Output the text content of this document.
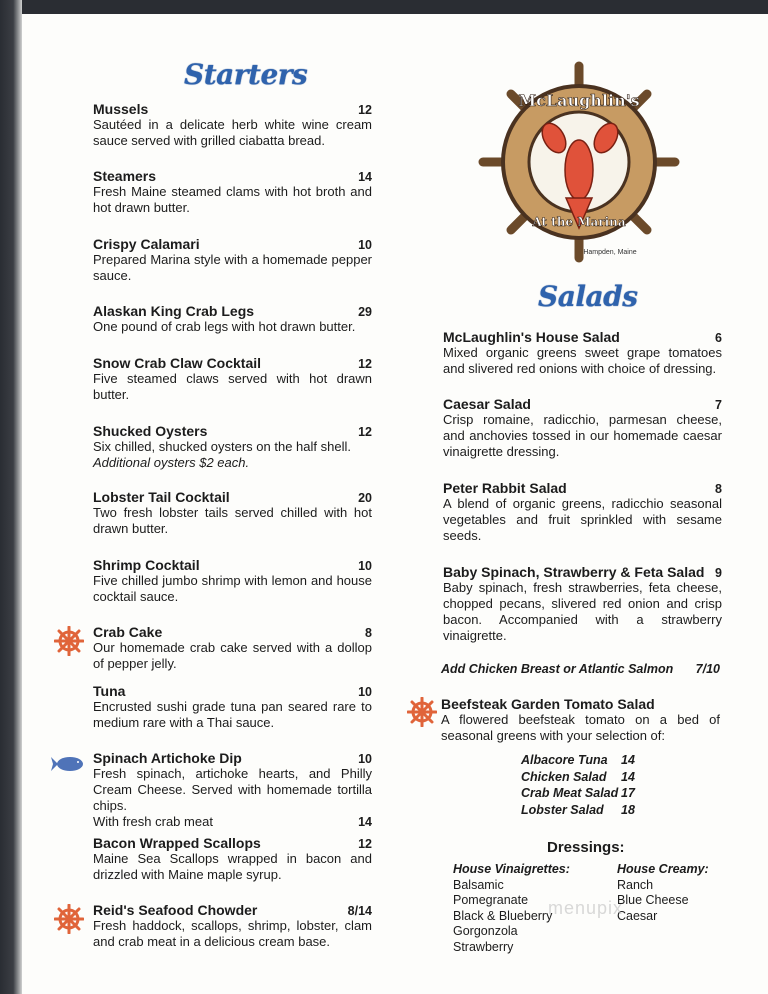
Starters
Salads
McLaughlin's
At the Marina
Hampden, Maine
Mussels	12
Sautéed in a delicate herb white wine cream sauce served with grilled ciabatta bread.
Steamers	14
Fresh Maine steamed clams with hot broth and hot drawn butter.
Crispy Calamari	10
Prepared Marina style with a homemade pepper sauce.
Alaskan King Crab Legs	29
One pound of crab legs with hot drawn butter.
Snow Crab Claw Cocktail	12
Five steamed claws served with hot drawn butter.
Shucked Oysters	12
Six chilled, shucked oysters on the half shell.
Additional oysters $2 each.
Lobster Tail Cocktail	20
Two fresh lobster tails served chilled with hot drawn butter.
Shrimp Cocktail	10
Five chilled jumbo shrimp with lemon and house cocktail sauce.
Crab Cake	8
Our homemade crab cake served with a dollop of pepper jelly.
Tuna	10
Encrusted sushi grade tuna pan seared rare to medium rare with a Thai sauce.
Spinach Artichoke Dip	10
Fresh spinach, artichoke hearts, and Philly Cream Cheese. Served with homemade tortilla chips.
With fresh crab meat	14
Bacon Wrapped Scallops	12
Maine Sea Scallops wrapped in bacon and drizzled with Maine maple syrup.
Reid's Seafood Chowder	8/14
Fresh haddock, scallops, shrimp, lobster, clam and crab meat in a delicious cream base.
McLaughlin's House Salad	6
Mixed organic greens sweet grape tomatoes and slivered red onions with choice of dressing.
Caesar Salad	7
Crisp romaine, radicchio, parmesan cheese, and anchovies tossed in our homemade caesar vinaigrette dressing.
Peter Rabbit Salad	8
A blend of organic greens, radicchio seasonal vegetables and fruit sprinkled with sesame seeds.
Baby Spinach, Strawberry & Feta Salad 9
Baby spinach, fresh strawberries, feta cheese, chopped pecans, slivered red onion and crisp bacon. Accompanied with a strawberry vinaigrette.
Add Chicken Breast or Atlantic Salmon 7/10
Beefsteak Garden Tomato Salad
A flowered beefsteak tomato on a bed of seasonal greens with your selection of:
Albacore Tuna	14
Chicken Salad	14
Crab Meat Salad 17
Lobster Salad	18
Dressings:
House Vinaigrettes:
Balsamic
Pomegranate
Black & Blueberry
Gorgonzola
Strawberry
House Creamy:
Ranch
Blue Cheese
Caesar
menupix
